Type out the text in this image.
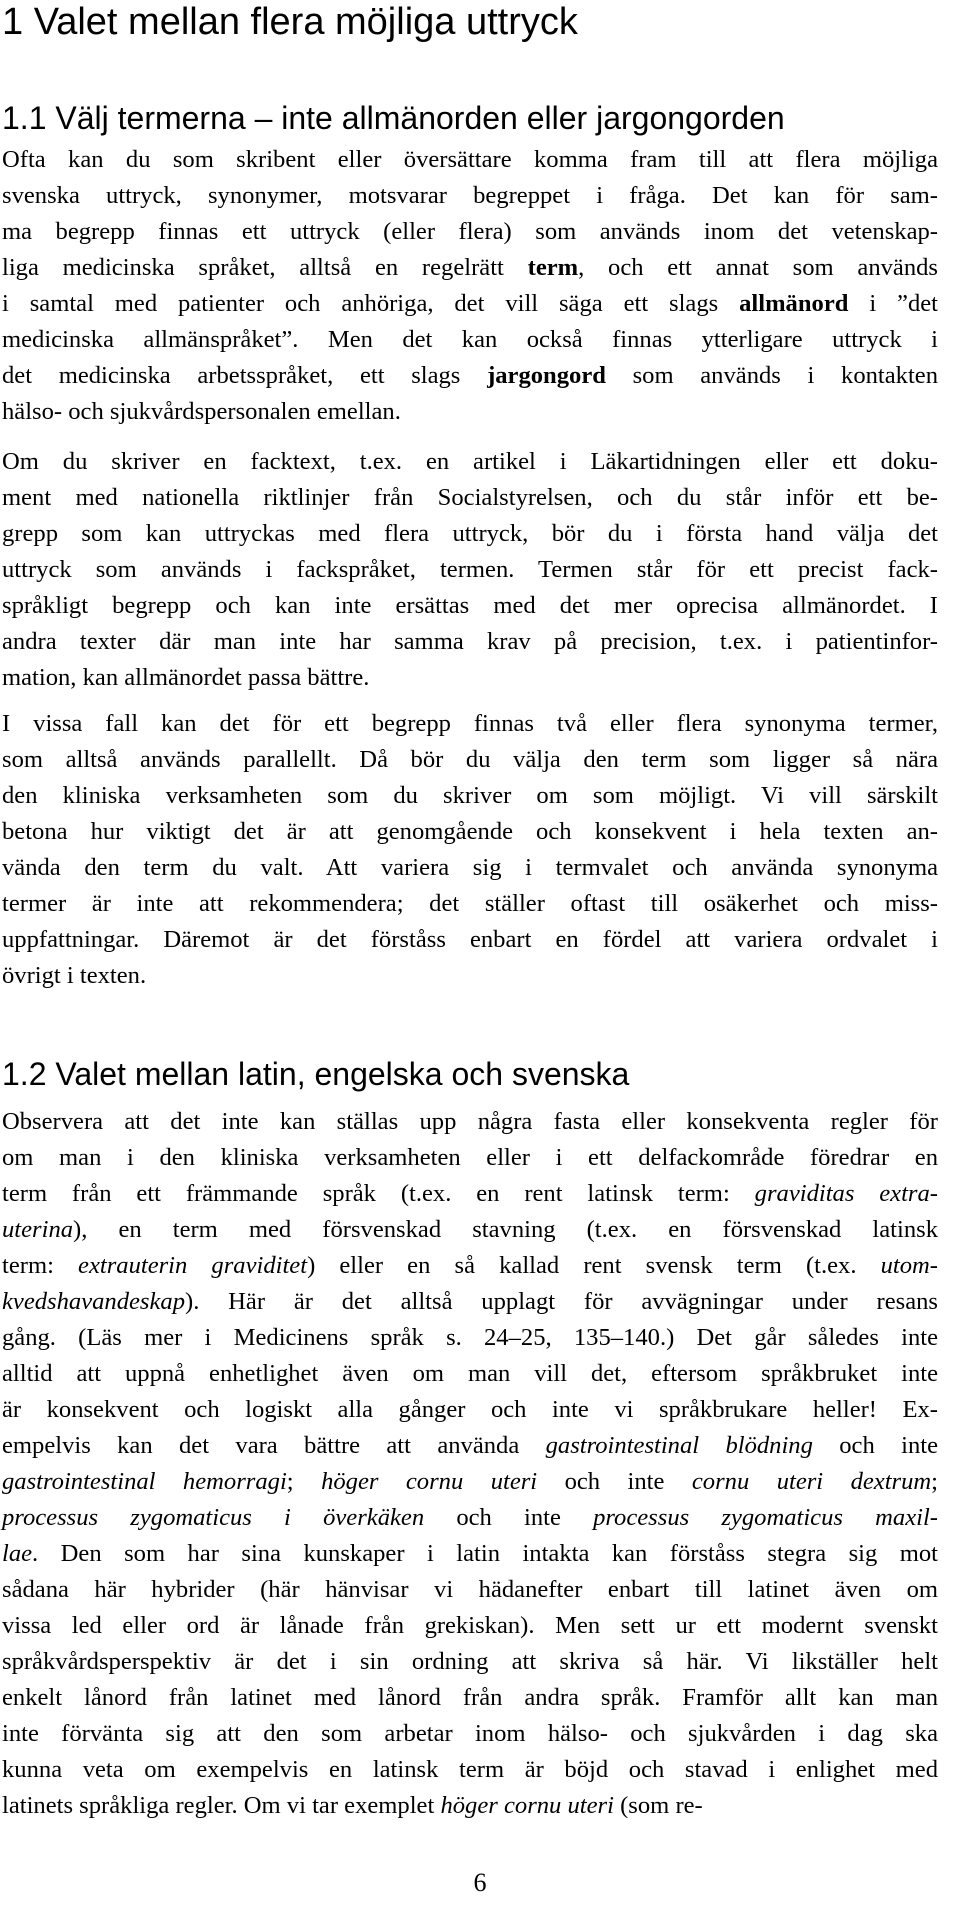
1 Valet mellan flera möjliga uttryck
1.1 Välj termerna – inte allmänorden eller jargongorden
Ofta kan du som skribent eller översättare komma fram till att flera möjliga
svenska uttryck, synonymer, motsvarar begreppet i fråga. Det kan för sam-
ma begrepp finnas ett uttryck (eller flera) som används inom det vetenskap-
liga medicinska språket, alltså en regelrätt term, och ett annat som används
i samtal med patienter och anhöriga, det vill säga ett slags allmänord i ”det
medicinska allmänspråket”. Men det kan också finnas ytterligare uttryck i
det medicinska arbetsspråket, ett slags jargongord som används i kontakten
hälso- och sjukvårdspersonalen emellan.
Om du skriver en facktext, t.ex. en artikel i Läkartidningen eller ett doku-
ment med nationella riktlinjer från Socialstyrelsen, och du står inför ett be-
grepp som kan uttryckas med flera uttryck, bör du i första hand välja det
uttryck som används i fackspråket, termen. Termen står för ett precist fack-
språkligt begrepp och kan inte ersättas med det mer oprecisa allmänordet. I
andra texter där man inte har samma krav på precision, t.ex. i patientinfor-
mation, kan allmänordet passa bättre.
I vissa fall kan det för ett begrepp finnas två eller flera synonyma termer,
som alltså används parallellt. Då bör du välja den term som ligger så nära
den kliniska verksamheten som du skriver om som möjligt. Vi vill särskilt
betona hur viktigt det är att genomgående och konsekvent i hela texten an-
vända den term du valt. Att variera sig i termvalet och använda synonyma
termer är inte att rekommendera; det ställer oftast till osäkerhet och miss-
uppfattningar. Däremot är det förståss enbart en fördel att variera ordvalet i
övrigt i texten.
1.2 Valet mellan latin, engelska och svenska
Observera att det inte kan ställas upp några fasta eller konsekventa regler för
om man i den kliniska verksamheten eller i ett delfackområde föredrar en
term från ett främmande språk (t.ex. en rent latinsk term: graviditas extra-
uterina), en term med försvenskad stavning (t.ex. en försvenskad latinsk
term: extrauterin graviditet) eller en så kallad rent svensk term (t.ex. utom-
kvedshavandeskap). Här är det alltså upplagt för avvägningar under resans
gång. (Läs mer i Medicinens språk s. 24–25, 135–140.) Det går således inte
alltid att uppnå enhetlighet även om man vill det, eftersom språkbruket inte
är konsekvent och logiskt alla gånger och inte vi språkbrukare heller! Ex-
empelvis kan det vara bättre att använda gastrointestinal blödning och inte
gastrointestinal hemorragi; höger cornu uteri och inte cornu uteri dextrum;
processus zygomaticus i överkäken och inte processus zygomaticus maxil-
lae. Den som har sina kunskaper i latin intakta kan förståss stegra sig mot
sådana här hybrider (här hänvisar vi hädanefter enbart till latinet även om
vissa led eller ord är lånade från grekiskan). Men sett ur ett modernt svenskt
språkvårdsperspektiv är det i sin ordning att skriva så här. Vi likställer helt
enkelt lånord från latinet med lånord från andra språk. Framför allt kan man
inte förvänta sig att den som arbetar inom hälso- och sjukvården i dag ska
kunna veta om exempelvis en latinsk term är böjd och stavad i enlighet med
latinets språkliga regler. Om vi tar exemplet höger cornu uteri (som re-
6
